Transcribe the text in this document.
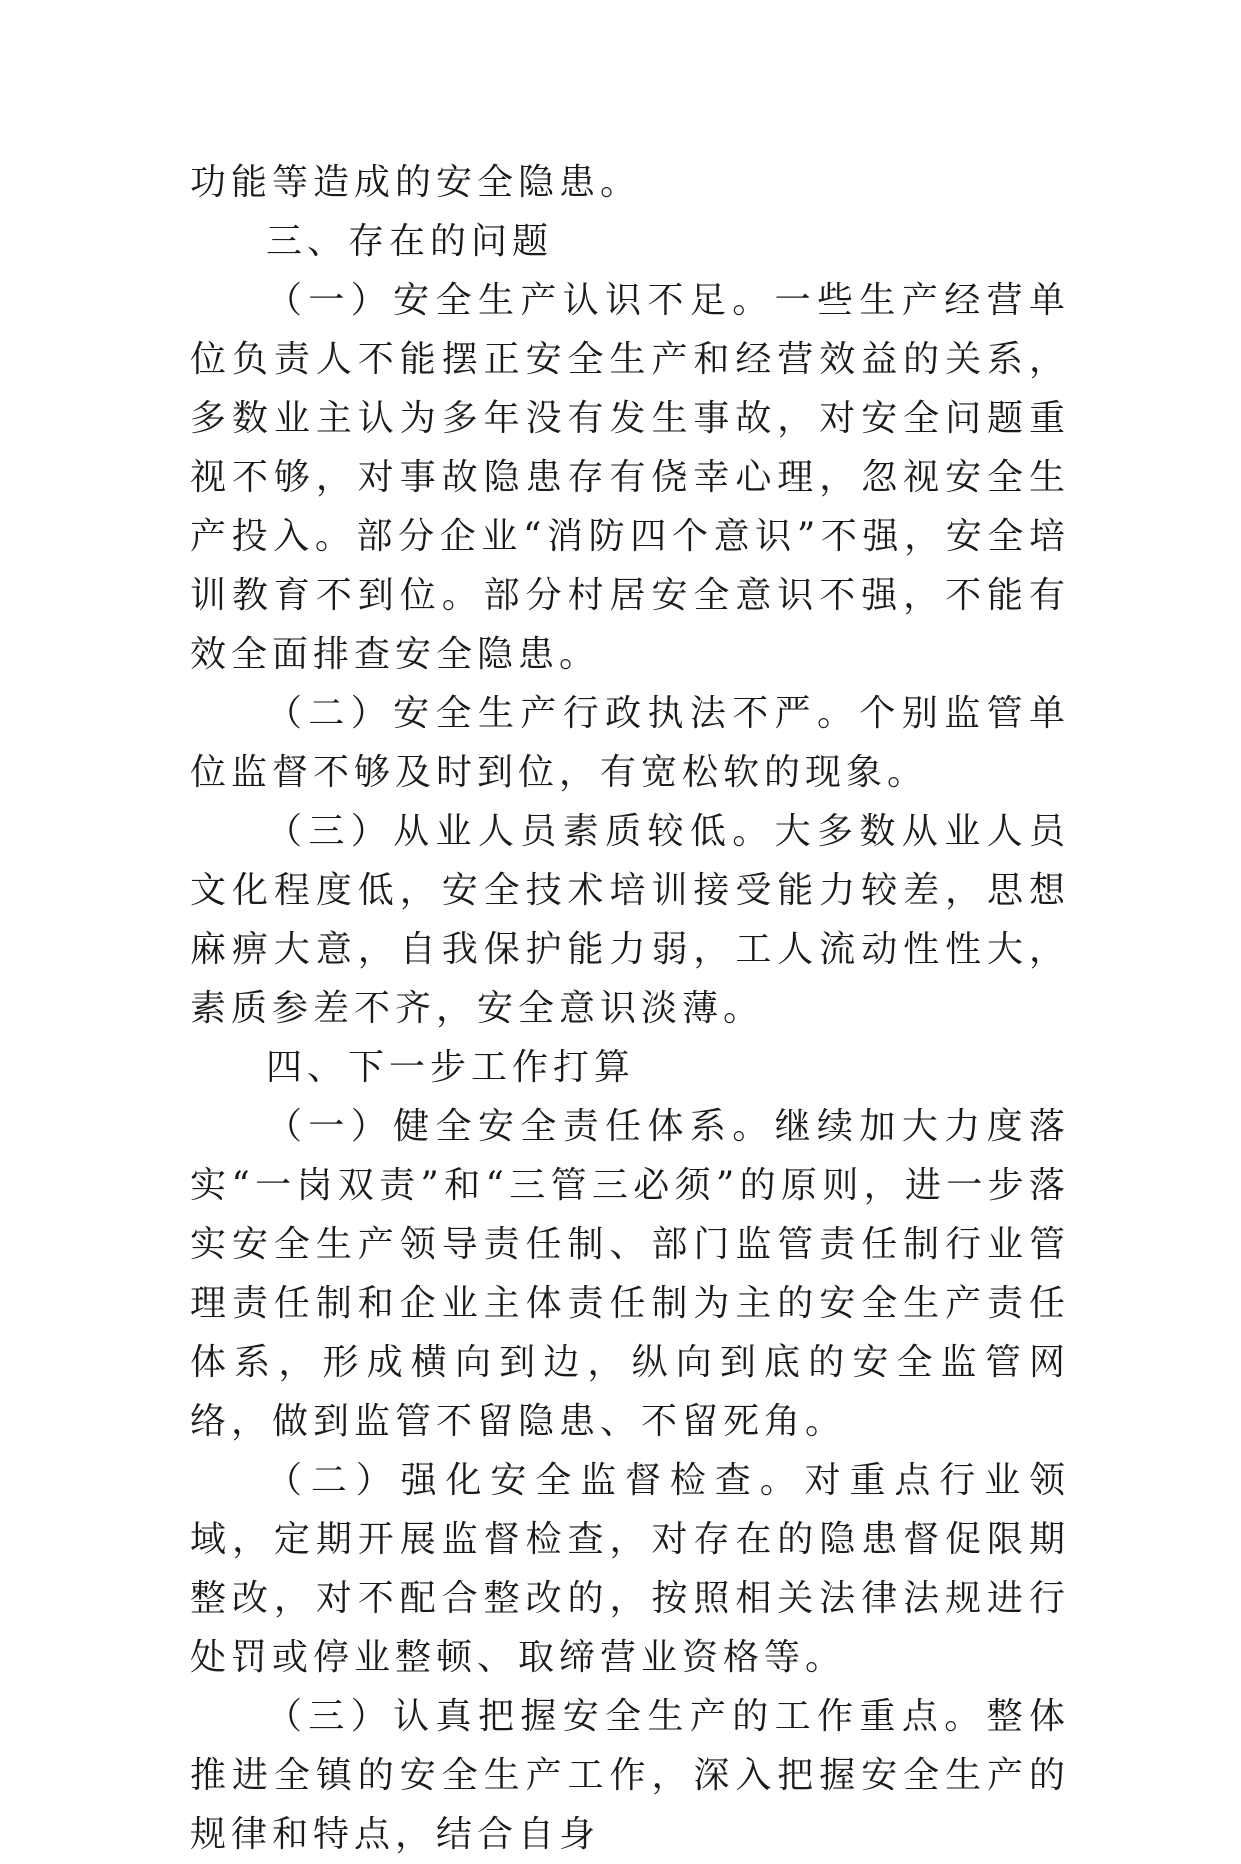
功能等造成的安全隐患。

三、存在的问题

（一）安全生产认识不足。一些生产经营单位负责人不能摆正安全生产和经营效益的关系，多数业主认为多年没有发生事故，对安全问题重视不够，对事故隐患存有侥幸心理，忽视安全生产投入。部分企业“消防四个意识”不强，安全培训教育不到位。部分村居安全意识不强，不能有效全面排查安全隐患。

（二）安全生产行政执法不严。个别监管单位监督不够及时到位，有宽松软的现象。

（三）从业人员素质较低。大多数从业人员文化程度低，安全技术培训接受能力较差，思想麻痹大意，自我保护能力弱，工人流动性性大，素质参差不齐，安全意识淡薄。

四、下一步工作打算

（一）健全安全责任体系。继续加大力度落实“一岗双责”和“三管三必须”的原则，进一步落实安全生产领导责任制、部门监管责任制行业管理责任制和企业主体责任制为主的安全生产责任体系，形成横向到边，纵向到底的安全监管网络，做到监管不留隐患、不留死角。

（二）强化安全监督检查。对重点行业领域，定期开展监督检查，对存在的隐患督促限期整改，对不配合整改的，按照相关法律法规进行处罚或停业整顿、取缔营业资格等。

（三）认真把握安全生产的工作重点。整体推进全镇的安全生产工作，深入把握安全生产的规律和特点，结合自身
